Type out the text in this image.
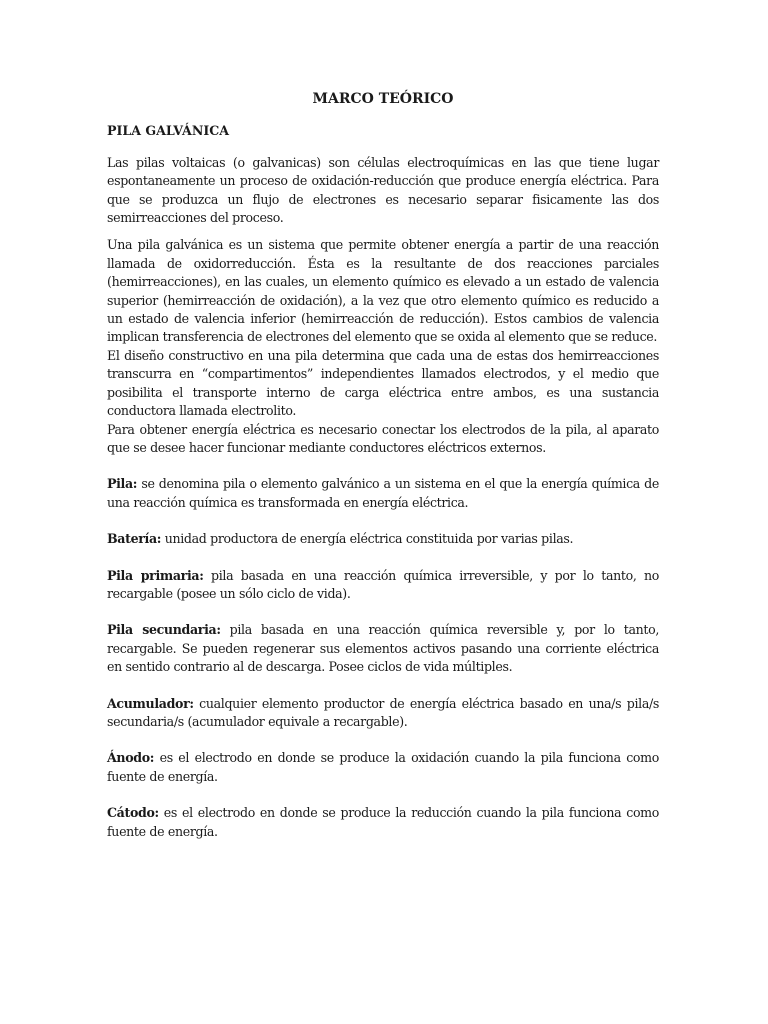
MARCO TEÓRICO
PILA GALVÁNICA

Las pilas voltaicas (o galvanicas) son células electroquímicas en las que tiene lugar espontaneamente un proceso de oxidación-reducción que produce energía eléctrica. Para que se produzca un flujo de electrones es necesario separar fisicamente las dos semirreacciones del proceso.

Una pila galvánica es un sistema que permite obtener energía a partir de una reacción llamada de oxidorreducción. Ésta es la resultante de dos reacciones parciales (hemirreacciones), en las cuales, un elemento químico es elevado a un estado de valencia superior (hemirreacción de oxidación), a la vez que otro elemento químico es reducido a un estado de valencia inferior (hemirreacción de reducción). Estos cambios de valencia implican transferencia de electrones del elemento que se oxida al elemento que se reduce.

El diseño constructivo en una pila determina que cada una de estas dos hemirreacciones transcurra en “compartimentos” independientes llamados electrodos, y el medio que posibilita el transporte interno de carga eléctrica entre ambos, es una sustancia conductora llamada electrolito.

Para obtener energía eléctrica es necesario conectar los electrodos de la pila, al aparato que se desee hacer funcionar mediante conductores eléctricos externos.

Pila: se denomina pila o elemento galvánico a un sistema en el que la energía química de una reacción química es transformada en energía eléctrica.

Batería: unidad productora de energía eléctrica constituida por varias pilas.

Pila primaria: pila basada en una reacción química irreversible, y por lo tanto, no recargable (posee un sólo ciclo de vida).

Pila secundaria: pila basada en una reacción química reversible y, por lo tanto, recargable. Se pueden regenerar sus elementos activos pasando una corriente eléctrica en sentido contrario al de descarga. Posee ciclos de vida múltiples.

Acumulador: cualquier elemento productor de energía eléctrica basado en una/s pila/s secundaria/s (acumulador equivale a recargable).

Ánodo: es el electrodo en donde se produce la oxidación cuando la pila funciona como fuente de energía.

Cátodo: es el electrodo en donde se produce la reducción cuando la pila funciona como fuente de energía.
